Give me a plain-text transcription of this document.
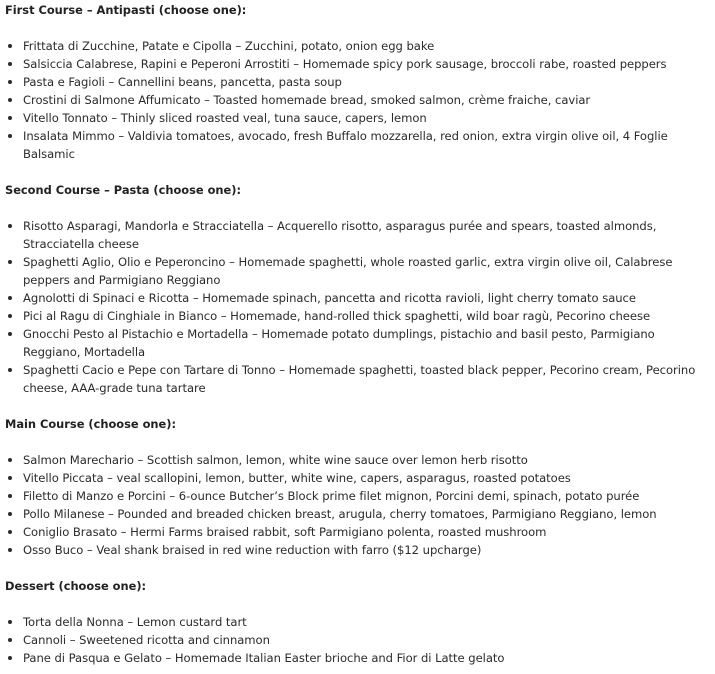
First Course – Antipasti (choose one):
Frittata di Zucchine, Patate e Cipolla – Zucchini, potato, onion egg bake
Salsiccia Calabrese, Rapini e Peperoni Arrostiti – Homemade spicy pork sausage, broccoli rabe, roasted peppers
Pasta e Fagioli – Cannellini beans, pancetta, pasta soup
Crostini di Salmone Affumicato – Toasted homemade bread, smoked salmon, crème fraiche, caviar
Vitello Tonnato – Thinly sliced roasted veal, tuna sauce, capers, lemon
Insalata Mimmo – Valdivia tomatoes, avocado, fresh Buffalo mozzarella, red onion, extra virgin olive oil, 4 Foglie Balsamic
Second Course – Pasta (choose one):
Risotto Asparagi, Mandorla e Stracciatella – Acquerello risotto, asparagus purée and spears, toasted almonds, Stracciatella cheese
Spaghetti Aglio, Olio e Peperoncino – Homemade spaghetti, whole roasted garlic, extra virgin olive oil, Calabrese peppers and Parmigiano Reggiano
Agnolotti di Spinaci e Ricotta – Homemade spinach, pancetta and ricotta ravioli, light cherry tomato sauce
Pici al Ragu di Cinghiale in Bianco – Homemade, hand-rolled thick spaghetti, wild boar ragù, Pecorino cheese
Gnocchi Pesto al Pistachio e Mortadella – Homemade potato dumplings, pistachio and basil pesto, Parmigiano Reggiano, Mortadella
Spaghetti Cacio e Pepe con Tartare di Tonno – Homemade spaghetti, toasted black pepper, Pecorino cream, Pecorino cheese, AAA-grade tuna tartare
Main Course (choose one):
Salmon Marechario – Scottish salmon, lemon, white wine sauce over lemon herb risotto
Vitello Piccata – veal scallopini, lemon, butter, white wine, capers, asparagus, roasted potatoes
Filetto di Manzo e Porcini – 6-ounce Butcher’s Block prime filet mignon, Porcini demi, spinach, potato purée
Pollo Milanese – Pounded and breaded chicken breast, arugula, cherry tomatoes, Parmigiano Reggiano, lemon
Coniglio Brasato – Hermi Farms braised rabbit, soft Parmigiano polenta, roasted mushroom
Osso Buco – Veal shank braised in red wine reduction with farro ($12 upcharge)
Dessert (choose one):
Torta della Nonna – Lemon custard tart
Cannoli – Sweetened ricotta and cinnamon
Pane di Pasqua e Gelato – Homemade Italian Easter brioche and Fior di Latte gelato
